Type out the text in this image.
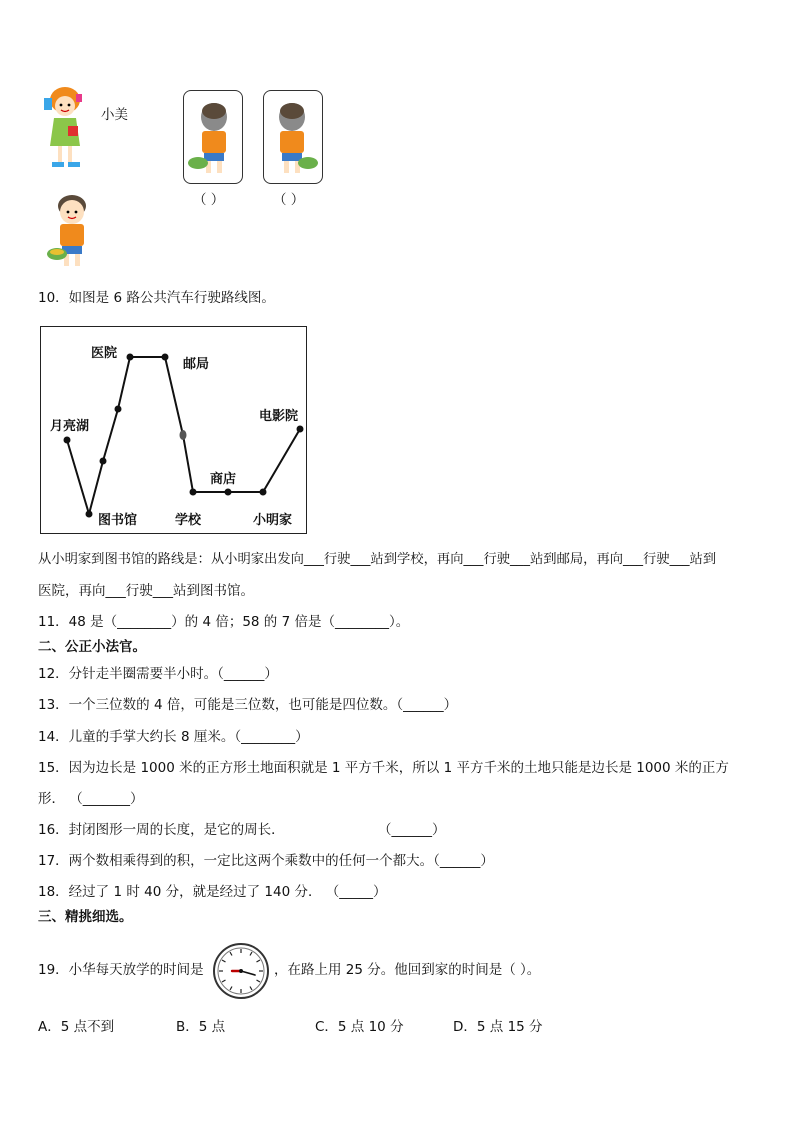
小美
（ ）	（ ）
10．如图是 6 路公共汽车行驶路线图。
医院
邮局
月亮湖
电影院
商店
图书馆	学校	小明家
从小明家到图书馆的路线是：从小明家出发向___行驶___站到学校，再向___行驶___站到邮局，再向___行驶___站到
医院，再向___行驶___站到图书馆。
11．48 是（________）的 4 倍；58 的 7 倍是（________）。
二、公正小法官。
12．分针走半圈需要半小时。（______）
13．一个三位数的 4 倍，可能是三位数，也可能是四位数。（______）
14．儿童的手掌大约长 8 厘米。（________）
15．因为边长是 1000 米的正方形土地面积就是 1 平方千米，所以 1 平方千米的土地只能是边长是 1000 米的正方
形． （_______）
16．封闭图形一周的长度，是它的周长．	（______）
17．两个数相乘得到的积，一定比这两个乘数中的任何一个都大。（______）
18．经过了 1 时 40 分，就是经过了 140 分． （_____）
三、精挑细选。
19．小华每天放学的时间是	，在路上用 25 分。他回到家的时间是（ ）。
A．5 点不到	B．5 点	C．5 点 10 分	D．5 点 15 分
